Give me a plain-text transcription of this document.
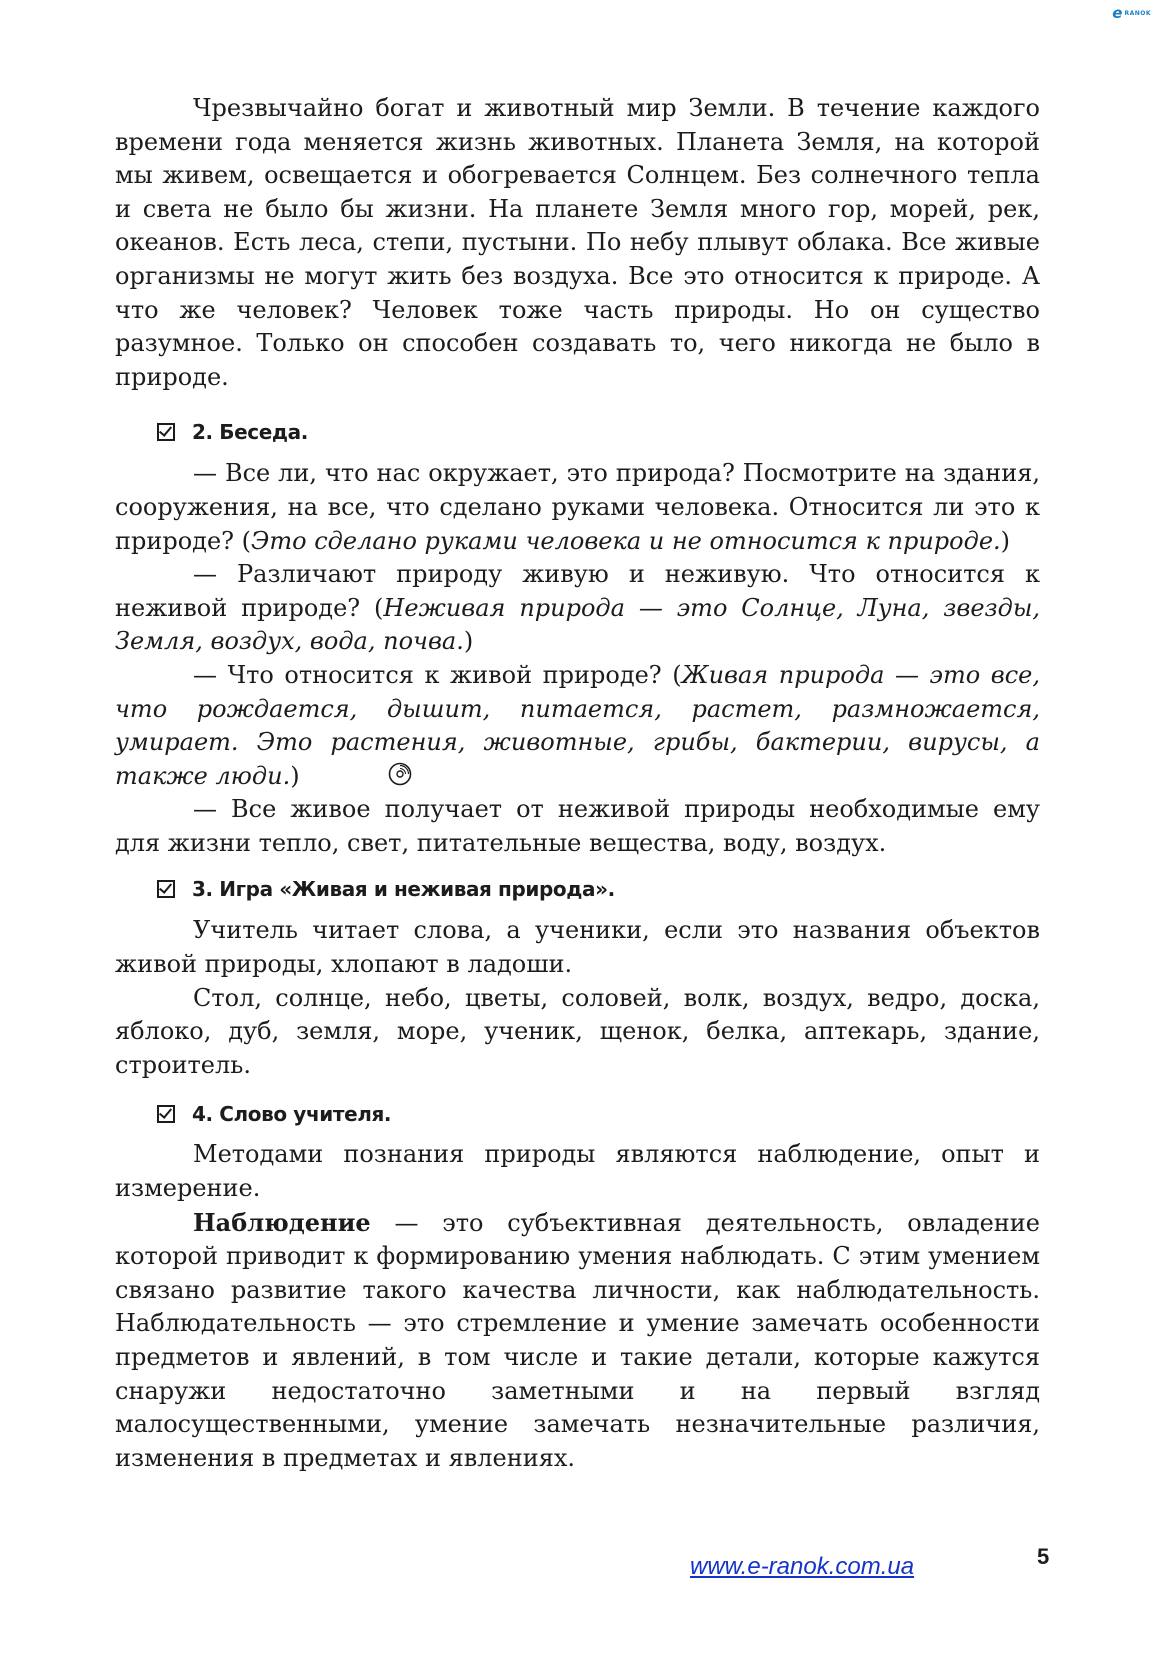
e RANOK

Чрезвычайно богат и животный мир Земли. В течение каждого времени года меняется жизнь животных. Планета Земля, на которой мы живем, освещается и обогревается Солнцем. Без солнечного тепла и света не было бы жизни. На планете Земля много гор, морей, рек, океанов. Есть леса, степи, пустыни. По небу плывут облака. Все живые организмы не могут жить без воздуха. Все это относится к природе. А что же человек? Человек тоже часть природы. Но он существо разумное. Только он способен создавать то, чего никогда не было в природе.

2. Беседа.

— Все ли, что нас окружает, это природа? Посмотрите на здания, сооружения, на все, что сделано руками человека. Относится ли это к природе? (Это сделано руками человека и не относится к природе.)

— Различают природу живую и неживую. Что относится к неживой природе? (Неживая природа — это Солнце, Луна, звезды, Земля, воздух, вода, почва.)

— Что относится к живой природе? (Живая природа — это все, что рождается, дышит, питается, растет, размножается, умирает. Это растения, животные, грибы, бактерии, вирусы, а также люди.)

— Все живое получает от неживой природы необходимые ему для жизни тепло, свет, питательные вещества, воду, воздух.

3. Игра «Живая и неживая природа».

Учитель читает слова, а ученики, если это названия объектов живой природы, хлопают в ладоши.

Стол, солнце, небо, цветы, соловей, волк, воздух, ведро, доска, яблоко, дуб, земля, море, ученик, щенок, белка, аптекарь, здание, строитель.

4. Слово учителя.

Методами познания природы являются наблюдение, опыт и измерение.

Наблюдение — это субъективная деятельность, овладение которой приводит к формированию умения наблюдать. С этим умением связано развитие такого качества личности, как наблюдательность. Наблюдательность — это стремление и умение замечать особенности предметов и явлений, в том числе и такие детали, которые кажутся снаружи недостаточно заметными и на первый взгляд малосущественными, умение замечать незначительные различия, изменения в предметах и явлениях.

www.e-ranok.com.ua	5
